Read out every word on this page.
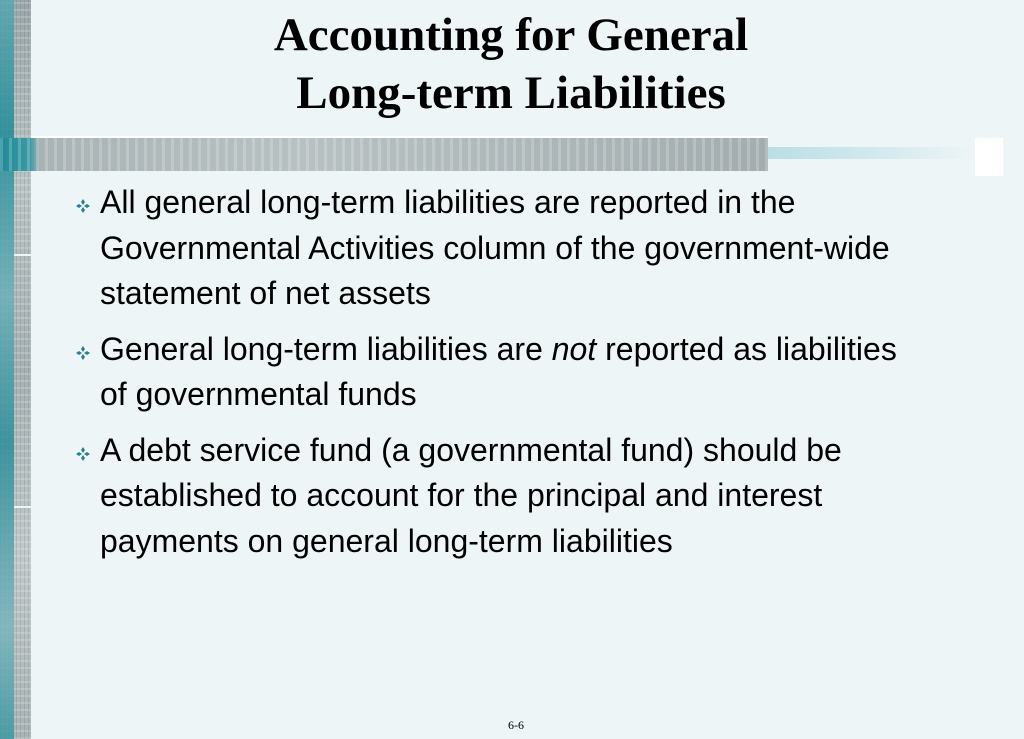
Accounting for General
Long-term Liabilities
All general long-term liabilities are reported in the Governmental Activities column of the government-wide statement of net assets
General long-term liabilities are not reported as liabilities of governmental funds
A debt service fund (a governmental fund) should be established to account for the principal and interest payments on general long-term liabilities
6-6
